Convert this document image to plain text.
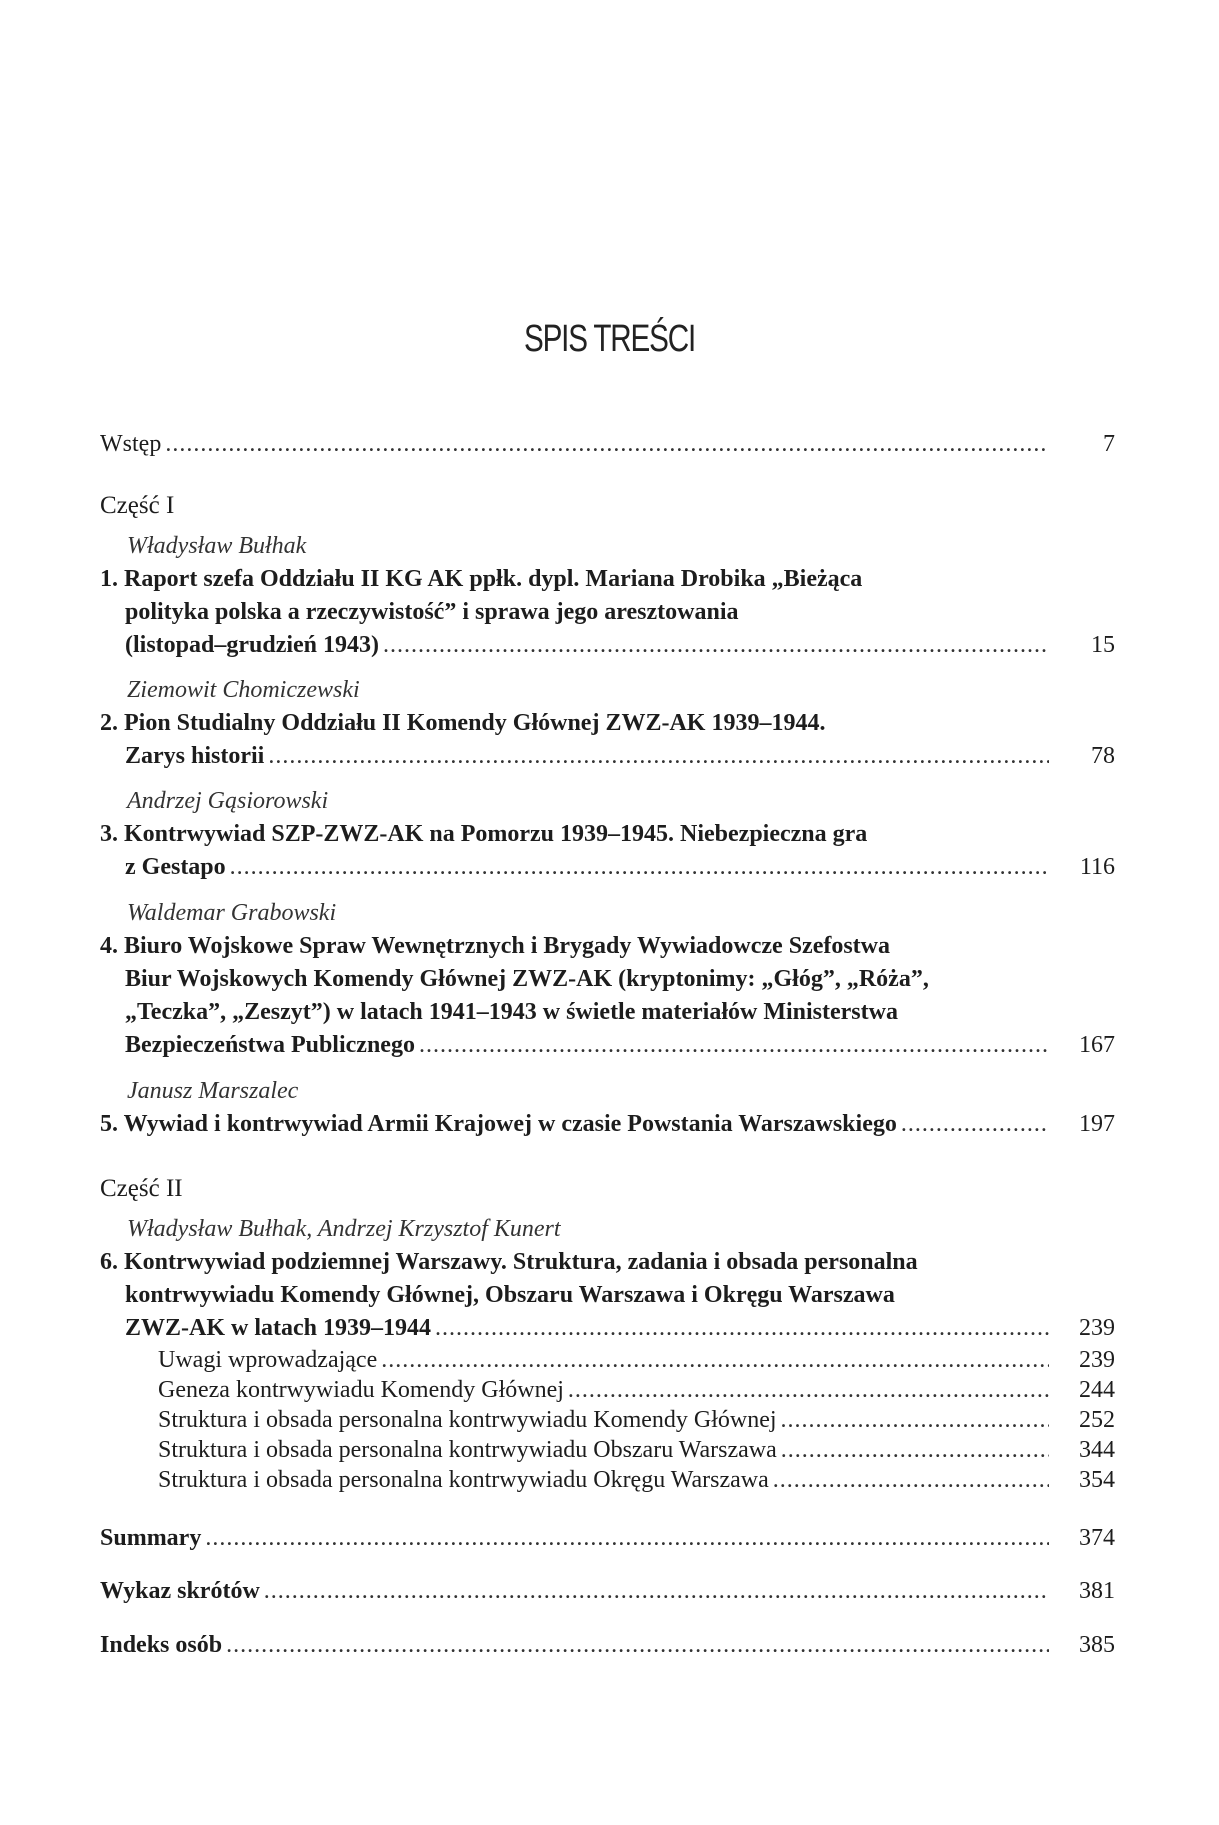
SPIS TREŚCI
Wstęp .....	7
Część I
Władysław Bułhak
1. Raport szefa Oddziału II KG AK ppłk. dypl. Mariana Drobika „Bieżąca
polityka polska a rzeczywistość” i sprawa jego aresztowania
(listopad–grudzień 1943) .....	15
Ziemowit Chomiczewski
2. Pion Studialny Oddziału II Komendy Głównej ZWZ-AK 1939–1944.
Zarys historii .....	78
Andrzej Gąsiorowski
3. Kontrwywiad SZP-ZWZ-AK na Pomorzu 1939–1945. Niebezpieczna gra
z Gestapo .....	116
Waldemar Grabowski
4. Biuro Wojskowe Spraw Wewnętrznych i Brygady Wywiadowcze Szefostwa
Biur Wojskowych Komendy Głównej ZWZ-AK (kryptonimy: „Głóg”, „Róża”,
„Teczka”, „Zeszyt”) w latach 1941–1943 w świetle materiałów Ministerstwa
Bezpieczeństwa Publicznego .....	167
Janusz Marszalec
5. Wywiad i kontrwywiad Armii Krajowej w czasie Powstania Warszawskiego .....	197
Część II
Władysław Bułhak, Andrzej Krzysztof Kunert
6. Kontrwywiad podziemnej Warszawy. Struktura, zadania i obsada personalna
kontrwywiadu Komendy Głównej, Obszaru Warszawa i Okręgu Warszawa
ZWZ-AK w latach 1939–1944 .....	239
Uwagi wprowadzające .....	239
Geneza kontrwywiadu Komendy Głównej .....	244
Struktura i obsada personalna kontrwywiadu Komendy Głównej .....	252
Struktura i obsada personalna kontrwywiadu Obszaru Warszawa .....	344
Struktura i obsada personalna kontrwywiadu Okręgu Warszawa .....	354
Summary .....	374
Wykaz skrótów .....	381
Indeks osób .....	385
